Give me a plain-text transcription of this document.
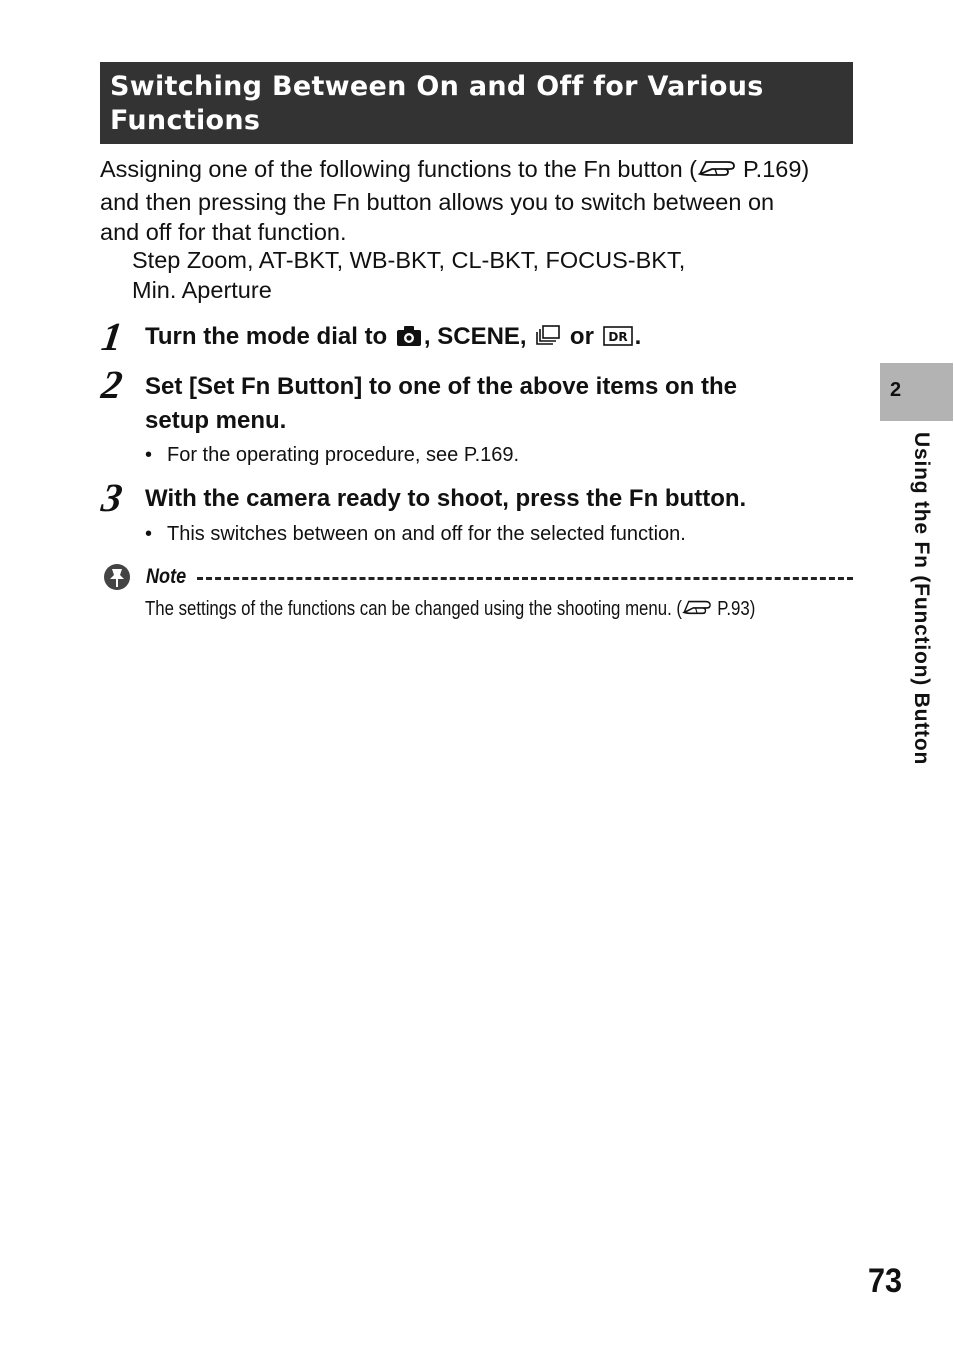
Switching Between On and Off for Various
Functions
Assigning one of the following functions to the Fn button ( P.169)
and then pressing the Fn button allows you to switch between on
and off for that function.
Step Zoom, AT-BKT, WB-BKT, CL-BKT, FOCUS-BKT,
Min. Aperture
1 Turn the mode dial to , SCENE,  or DR .
2 Set [Set Fn Button] to one of the above items on the
setup menu.
• For the operating procedure, see P.169.
3 With the camera ready to shoot, press the Fn button.
• This switches between on and off for the selected function.
Note
The settings of the functions can be changed using the shooting menu. ( P.93)
2
Using the Fn (Function) Button
73
